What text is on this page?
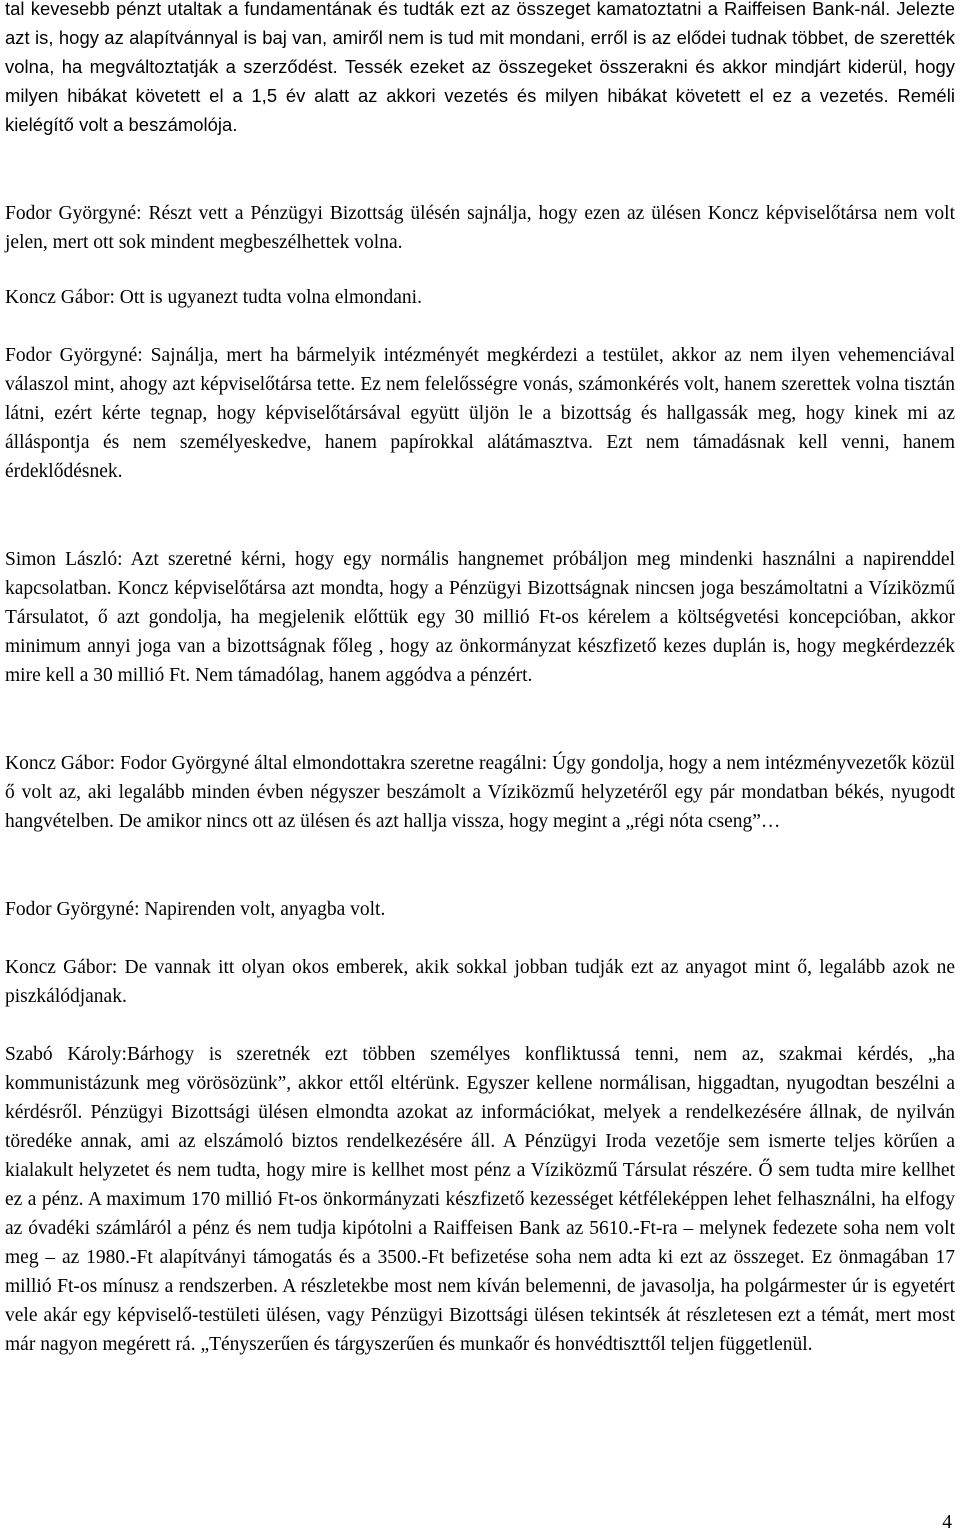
tal kevesebb pénzt utaltak a fundamentának és tudták ezt az összeget kamatoztatni a Raiffeisen Bank-nál. Jelezte azt is, hogy az alapítvánnyal is baj van, amiről nem is tud mit mondani, erről is az elődei tudnak többet, de szerették volna, ha megváltoztatják a szerződést. Tessék ezeket az összegeket összerakni és akkor mindjárt kiderül, hogy milyen hibákat követett el a 1,5 év alatt az akkori vezetés és milyen hibákat követett el ez a vezetés. Reméli kielégítő volt a beszámolója.

Fodor Györgyné: Részt vett a Pénzügyi Bizottság ülésén sajnálja, hogy ezen az ülésen Koncz képviselőtársa nem volt jelen, mert ott sok mindent megbeszélhettek volna.

Koncz Gábor: Ott is ugyanezt tudta volna elmondani.

Fodor Györgyné: Sajnálja, mert ha bármelyik intézményét megkérdezi a testület, akkor az nem ilyen vehemenciával válaszol mint, ahogy azt képviselőtársa tette. Ez nem felelősségre vonás, számonkérés volt, hanem szerettek volna tisztán látni, ezért kérte tegnap, hogy képviselőtársával együtt üljön le a bizottság és hallgassák meg, hogy kinek mi az álláspontja és nem személyeskedve, hanem papírokkal alátámasztva. Ezt nem támadásnak kell venni, hanem érdeklődésnek.

Simon László: Azt szeretné kérni, hogy egy normális hangnemet próbáljon meg mindenki használni a napirenddel kapcsolatban. Koncz képviselőtársa azt mondta, hogy a Pénzügyi Bizottságnak nincsen joga beszámoltatni a Víziközmű Társulatot, ő azt gondolja, ha megjelenik előttük egy 30 millió Ft-os kérelem a költségvetési koncepcióban, akkor minimum annyi joga van a bizottságnak főleg , hogy az önkormányzat készfizető kezes duplán is, hogy megkérdezzék mire kell a 30 millió Ft. Nem támadólag, hanem aggódva a pénzért.

Koncz Gábor: Fodor Györgyné által elmondottakra szeretne reagálni: Úgy gondolja, hogy a nem intézményvezetők közül ő volt az, aki legalább minden évben négyszer beszámolt a Víziközmű helyzetéről egy pár mondatban békés, nyugodt hangvételben. De amikor nincs ott az ülésen és azt hallja vissza, hogy megint a „régi nóta cseng”…

Fodor Györgyné: Napirenden volt, anyagba volt.

Koncz Gábor: De vannak itt olyan okos emberek, akik sokkal jobban tudják ezt az anyagot mint ő, legalább azok ne piszkálódjanak.

Szabó Károly:Bárhogy is szeretnék ezt többen személyes konfliktussá tenni, nem az, szakmai kérdés, „ha kommunistázunk meg vörösözünk”, akkor ettől eltérünk. Egyszer kellene normálisan, higgadtan, nyugodtan beszélni a kérdésről. Pénzügyi Bizottsági ülésen elmondta azokat az információkat, melyek a rendelkezésére állnak, de nyilván töredéke annak, ami az elszámoló biztos rendelkezésére áll. A Pénzügyi Iroda vezetője sem ismerte teljes körűen a kialakult helyzetet és nem tudta, hogy mire is kellhet most pénz a Víziközmű Társulat részére. Ő sem tudta mire kellhet ez a pénz. A maximum 170 millió Ft-os önkormányzati készfizető kezességet kétféleképpen lehet felhasználni, ha elfogy az óvadéki számláról a pénz és nem tudja kipótolni a Raiffeisen Bank az 5610.-Ft-ra – melynek fedezete soha nem volt meg – az 1980.-Ft alapítványi támogatás és a 3500.-Ft befizetése soha nem adta ki ezt az összeget. Ez önmagában 17 millió Ft-os mínusz a rendszerben. A részletekbe most nem kíván belemenni, de javasolja, ha polgármester úr is egyetért vele akár egy képviselő-testületi ülésen, vagy Pénzügyi Bizottsági ülésen tekintsék át részletesen ezt a témát, mert most már nagyon megérett rá. „Tényszerűen és tárgyszerűen és munkaőr és honvédtiszttől teljen függetlenül.

4
